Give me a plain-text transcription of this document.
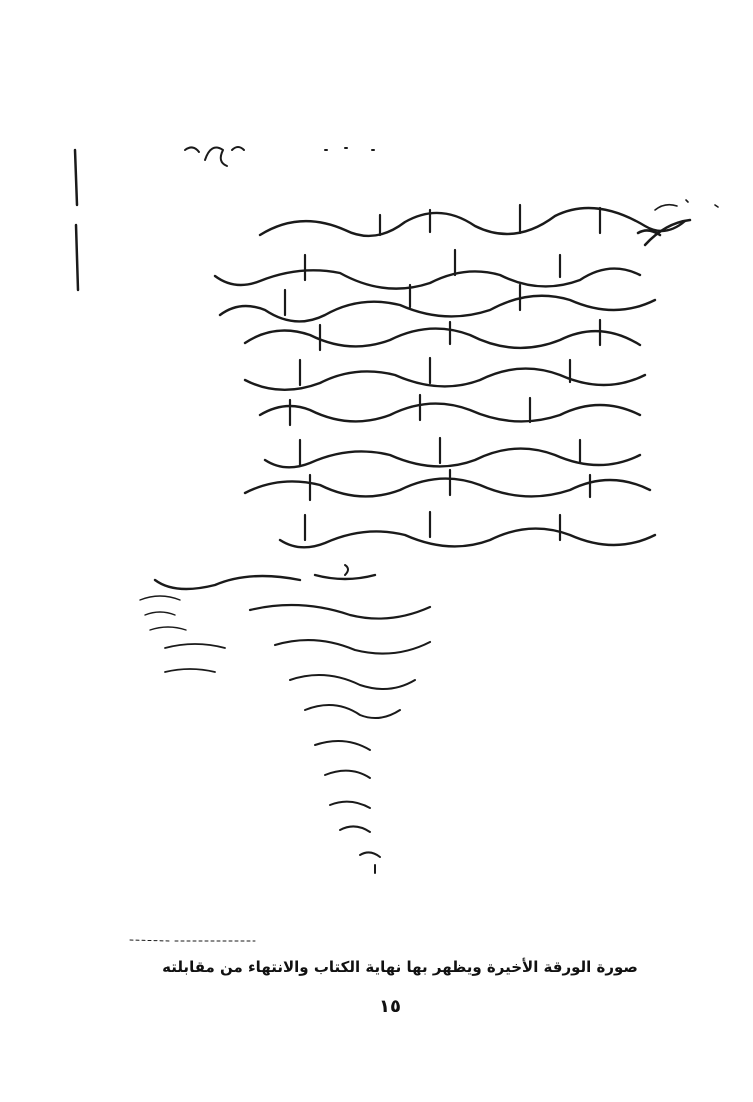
صورة الورقة الأخيرة ويظهر بها نهاية الكتاب والانتهاء من مقابلته
١٥
